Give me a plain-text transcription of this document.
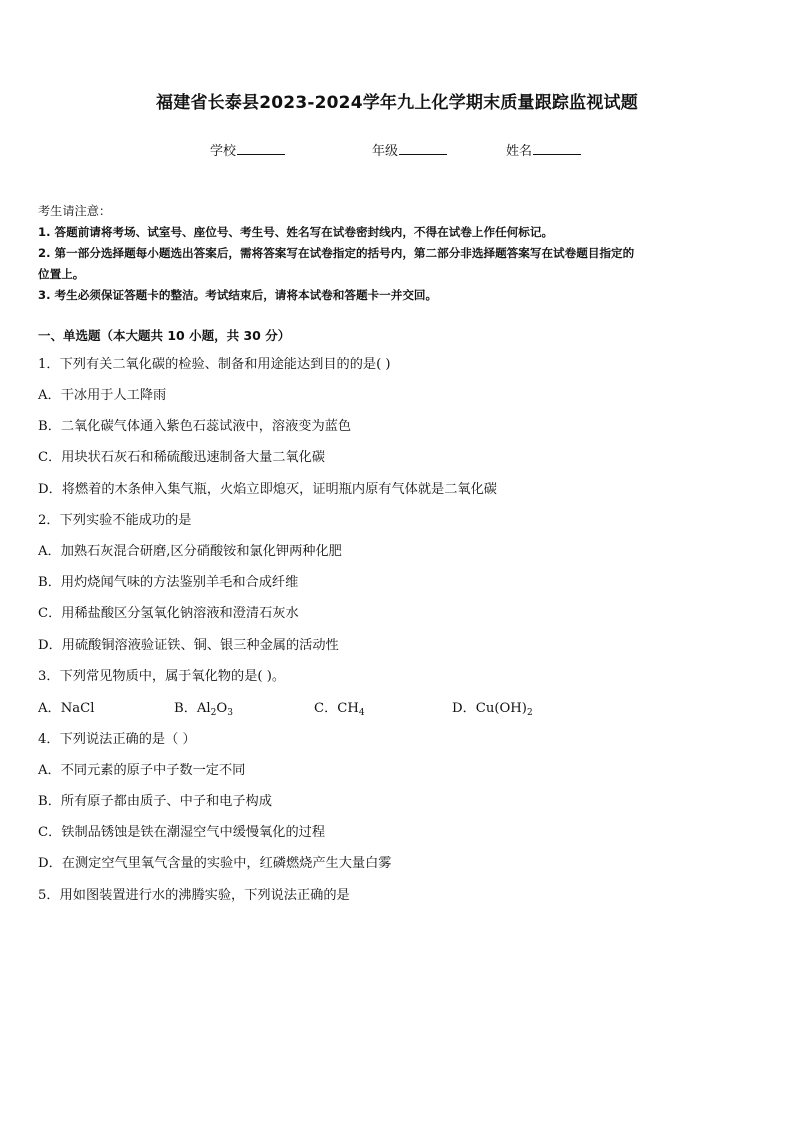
福建省长泰县2023-2024学年九上化学期末质量跟踪监视试题
学校	年级	姓名
考生请注意：
1. 答题前请将考场、试室号、座位号、考生号、姓名写在试卷密封线内，不得在试卷上作任何标记。
2. 第一部分选择题每小题选出答案后，需将答案写在试卷指定的括号内，第二部分非选择题答案写在试卷题目指定的
位置上。
3. 考生必须保证答题卡的整洁。考试结束后，请将本试卷和答题卡一并交回。
一、单选题（本大题共 10 小题，共 30 分）
1．下列有关二氧化碳的检验、制备和用途能达到目的的是( )
A．干冰用于人工降雨
B．二氧化碳气体通入紫色石蕊试液中，溶液变为蓝色
C．用块状石灰石和稀硫酸迅速制备大量二氧化碳
D．将燃着的木条伸入集气瓶，火焰立即熄灭，证明瓶内原有气体就是二氧化碳
2．下列实验不能成功的是
A．加熟石灰混合研磨,区分硝酸铵和氯化钾两种化肥
B．用灼烧闻气味的方法鉴别羊毛和合成纤维
C．用稀盐酸区分氢氧化钠溶液和澄清石灰水
D．用硫酸铜溶液验证铁、铜、银三种金属的活动性
3．下列常见物质中，属于氧化物的是( )。
A．NaCl	B．$Al_2O_3$	C．$CH_4$	D．$Cu(OH)_2$
4．下列说法正确的是（ ）
A．不同元素的原子中子数一定不同
B．所有原子都由质子、中子和电子构成
C．铁制品锈蚀是铁在潮湿空气中缓慢氧化的过程
D．在测定空气里氧气含量的实验中，红磷燃烧产生大量白雾
5．用如图装置进行水的沸腾实验，下列说法正确的是
